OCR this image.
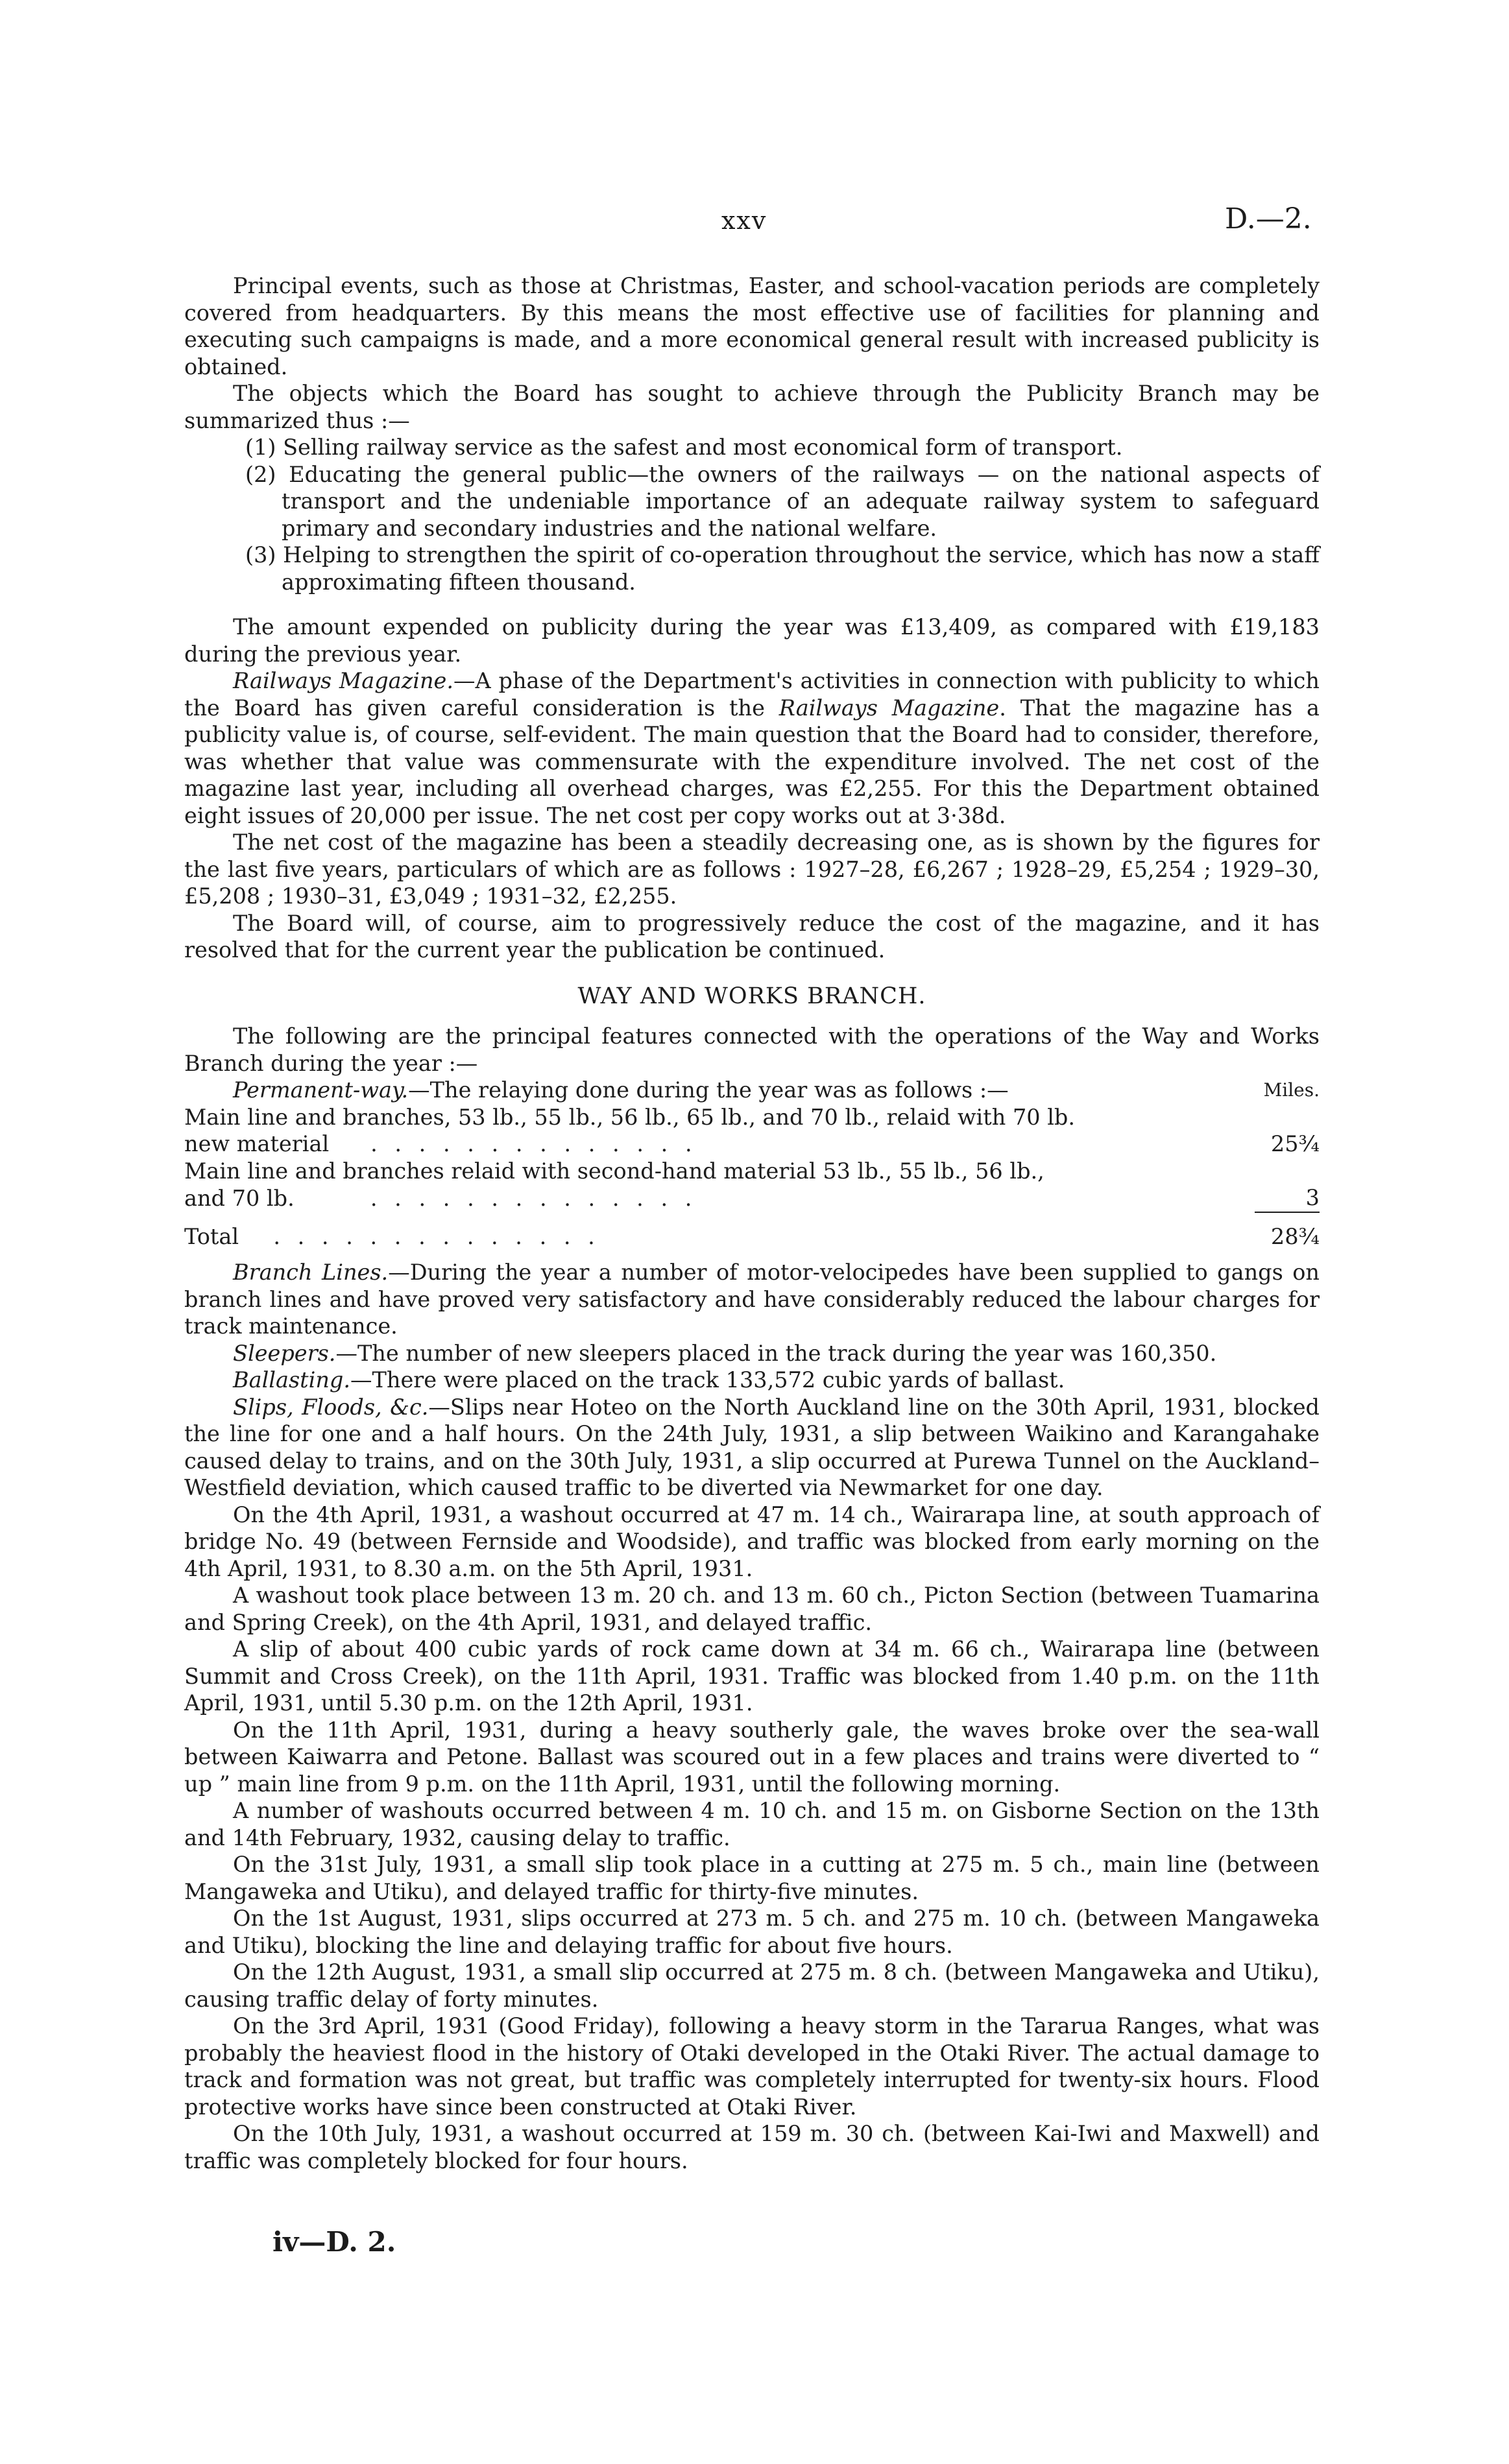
xxv	D.—2.

Principal events, such as those at Christmas, Easter, and school-vacation periods are completely covered from headquarters. By this means the most effective use of facilities for planning and executing such campaigns is made, and a more economical general result with increased publicity is obtained.

The objects which the Board has sought to achieve through the Publicity Branch may be summarized thus :—

(1) Selling railway service as the safest and most economical form of transport.

(2) Educating the general public—the owners of the railways — on the national aspects of transport and the undeniable importance of an adequate railway system to safeguard primary and secondary industries and the national welfare.

(3) Helping to strengthen the spirit of co-operation throughout the service, which has now a staff approximating fifteen thousand.

The amount expended on publicity during the year was £13,409, as compared with £19,183 during the previous year.

Railways Magazine.—A phase of the Department's activities in connection with publicity to which the Board has given careful consideration is the Railways Magazine. That the magazine has a publicity value is, of course, self-evident. The main question that the Board had to consider, therefore, was whether that value was commensurate with the expenditure involved. The net cost of the magazine last year, including all overhead charges, was £2,255. For this the Department obtained eight issues of 20,000 per issue. The net cost per copy works out at 3·38d.

The net cost of the magazine has been a steadily decreasing one, as is shown by the figures for the last five years, particulars of which are as follows : 1927–28, £6,267 ; 1928–29, £5,254 ; 1929–30, £5,208 ; 1930–31, £3,049 ; 1931–32, £2,255.

The Board will, of course, aim to progressively reduce the cost of the magazine, and it has resolved that for the current year the publication be continued.

WAY AND WORKS BRANCH.

The following are the principal features connected with the operations of the Way and Works Branch during the year :—

Permanent-way.—The relaying done during the year was as follows :—	Miles.
Main line and branches, 53 lb., 55 lb., 56 lb., 65 lb., and 70 lb., relaid with 70 lb.	
new material . . . . . . . . . . . . . .	25¾
Main line and branches relaid with second-hand material 53 lb., 55 lb., 56 lb.,	
and 70 lb. . . . . . . . . . . . . . .	3

Total . . . . . . . . . . . . . .	28¾

Branch Lines.—During the year a number of motor-velocipedes have been supplied to gangs on branch lines and have proved very satisfactory and have considerably reduced the labour charges for track maintenance.

Sleepers.—The number of new sleepers placed in the track during the year was 160,350.

Ballasting.—There were placed on the track 133,572 cubic yards of ballast.

Slips, Floods, &c.—Slips near Hoteo on the North Auckland line on the 30th April, 1931, blocked the line for one and a half hours. On the 24th July, 1931, a slip between Waikino and Karangahake caused delay to trains, and on the 30th July, 1931, a slip occurred at Purewa Tunnel on the Auckland–Westfield deviation, which caused traffic to be diverted via Newmarket for one day.

On the 4th April, 1931, a washout occurred at 47 m. 14 ch., Wairarapa line, at south approach of bridge No. 49 (between Fernside and Woodside), and traffic was blocked from early morning on the 4th April, 1931, to 8.30 a.m. on the 5th April, 1931.

A washout took place between 13 m. 20 ch. and 13 m. 60 ch., Picton Section (between Tuamarina and Spring Creek), on the 4th April, 1931, and delayed traffic.

A slip of about 400 cubic yards of rock came down at 34 m. 66 ch., Wairarapa line (between Summit and Cross Creek), on the 11th April, 1931. Traffic was blocked from 1.40 p.m. on the 11th April, 1931, until 5.30 p.m. on the 12th April, 1931.

On the 11th April, 1931, during a heavy southerly gale, the waves broke over the sea-wall between Kaiwarra and Petone. Ballast was scoured out in a few places and trains were diverted to “ up ” main line from 9 p.m. on the 11th April, 1931, until the following morning.

A number of washouts occurred between 4 m. 10 ch. and 15 m. on Gisborne Section on the 13th and 14th February, 1932, causing delay to traffic.

On the 31st July, 1931, a small slip took place in a cutting at 275 m. 5 ch., main line (between Mangaweka and Utiku), and delayed traffic for thirty-five minutes.

On the 1st August, 1931, slips occurred at 273 m. 5 ch. and 275 m. 10 ch. (between Mangaweka and Utiku), blocking the line and delaying traffic for about five hours.

On the 12th August, 1931, a small slip occurred at 275 m. 8 ch. (between Mangaweka and Utiku), causing traffic delay of forty minutes.

On the 3rd April, 1931 (Good Friday), following a heavy storm in the Tararua Ranges, what was probably the heaviest flood in the history of Otaki developed in the Otaki River. The actual damage to track and formation was not great, but traffic was completely interrupted for twenty-six hours. Flood protective works have since been constructed at Otaki River.

On the 10th July, 1931, a washout occurred at 159 m. 30 ch. (between Kai-Iwi and Maxwell) and traffic was completely blocked for four hours.

iv—D. 2.
